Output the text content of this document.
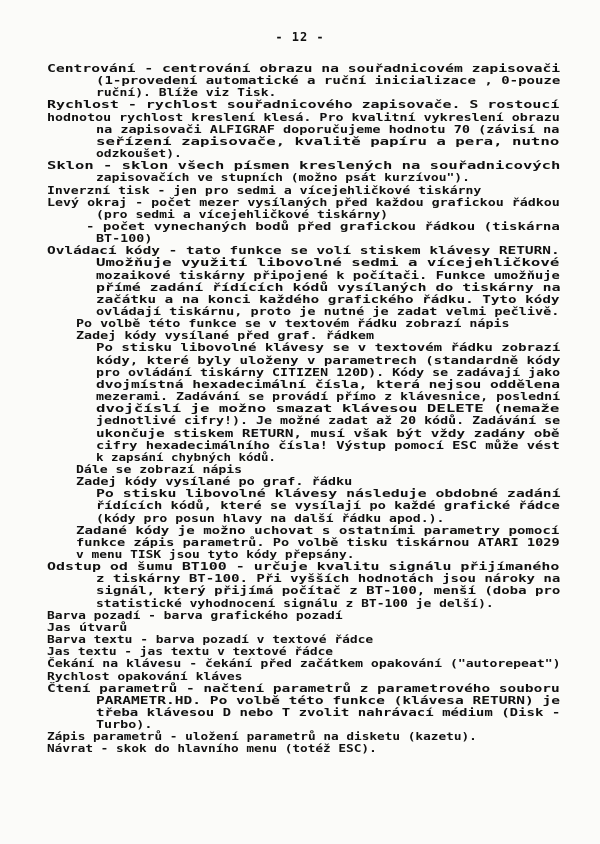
- 12 -
Centrování - centrování obrazu na souřadnicovém zapisovači
(1-provedení automatické a ruční inicializace , 0-pouze
ruční). Blíže viz Tisk.
Rychlost - rychlost souřadnicového zapisovače. S rostoucí
hodnotou rychlost kreslení klesá. Pro kvalitní vykreslení obrazu
na zapisovači ALFIGRAF doporučujeme hodnotu 70 (závisí na
seřízení zapisovače, kvalitě papíru a pera, nutno
odzkoušet).
Sklon - sklon všech písmen kreslených na souřadnicových
zapisovačích ve stupních (možno psát kurzívou").
Inverzní tisk - jen pro sedmi a vícejehličkové tiskárny
Levý okraj - počet mezer vysílaných před každou grafickou řádkou
(pro sedmi a vícejehličkové tiskárny)
- počet vynechaných bodů před grafickou řádkou (tiskárna
BT-100)
Ovládací kódy - tato funkce se volí stiskem klávesy RETURN.
Umožňuje využití libovolné sedmi a vícejehličkové
mozaikové tiskárny připojené k počítači. Funkce umožňuje
přímé zadání řídících kódů vysílaných do tiskárny na
začátku a na konci každého grafického řádku. Tyto kódy
ovládají tiskárnu, proto je nutné je zadat velmi pečlivě.
Po volbě této funkce se v textovém řádku zobrazí nápis
Zadej kódy vysílané před graf. řádkem
Po stisku libovolné klávesy se v textovém řádku zobrazí
kódy, které byly uloženy v parametrech (standardně kódy
pro ovládání tiskárny CITIZEN 120D). Kódy se zadávají jako
dvojmístná hexadecimální čísla, která nejsou oddělena
mezerami. Zadávání se provádí přímo z klávesnice, poslední
dvojčíslí je možno smazat klávesou DELETE (nemaže
jednotlivé cifry!). Je možné zadat až 20 kódů. Zadávání se
ukončuje stiskem RETURN, musí však být vždy zadány obě
cifry hexadecimálního čísla! Výstup pomocí ESC může vést
k zapsání chybných kódů.
Dále se zobrazí nápis
Zadej kódy vysílané po graf. řádku
Po stisku libovolné klávesy následuje obdobné zadání
řídících kódů, které se vysílají po každé grafické řádce
(kódy pro posun hlavy na další řádku apod.).
Zadané kódy je možno uchovat s ostatními parametry pomocí
funkce zápis parametrů. Po volbě tisku tiskárnou ATARI 1029
v menu TISK jsou tyto kódy přepsány.
Odstup od šumu BT100 - určuje kvalitu signálu přijímaného
z tiskárny BT-100. Při vyšších hodnotách jsou nároky na
signál, který přijímá počítač z BT-100, menší (doba pro
statistické vyhodnocení signálu z BT-100 je delší).
Barva pozadí - barva grafického pozadí
Jas útvarů
Barva textu - barva pozadí v textové řádce
Jas textu - jas textu v textové řádce
Čekání na klávesu - čekání před začátkem opakování ("autorepeat")
Rychlost opakování kláves
Čtení parametrů - načtení parametrů z parametrového souboru
PARAMETR.HD. Po volbě této funkce (klávesa RETURN) je
třeba klávesou D nebo T zvolit nahrávací médium (Disk -
Turbo).
Zápis parametrů - uložení parametrů na disketu (kazetu).
Návrat - skok do hlavního menu (totéž ESC).
